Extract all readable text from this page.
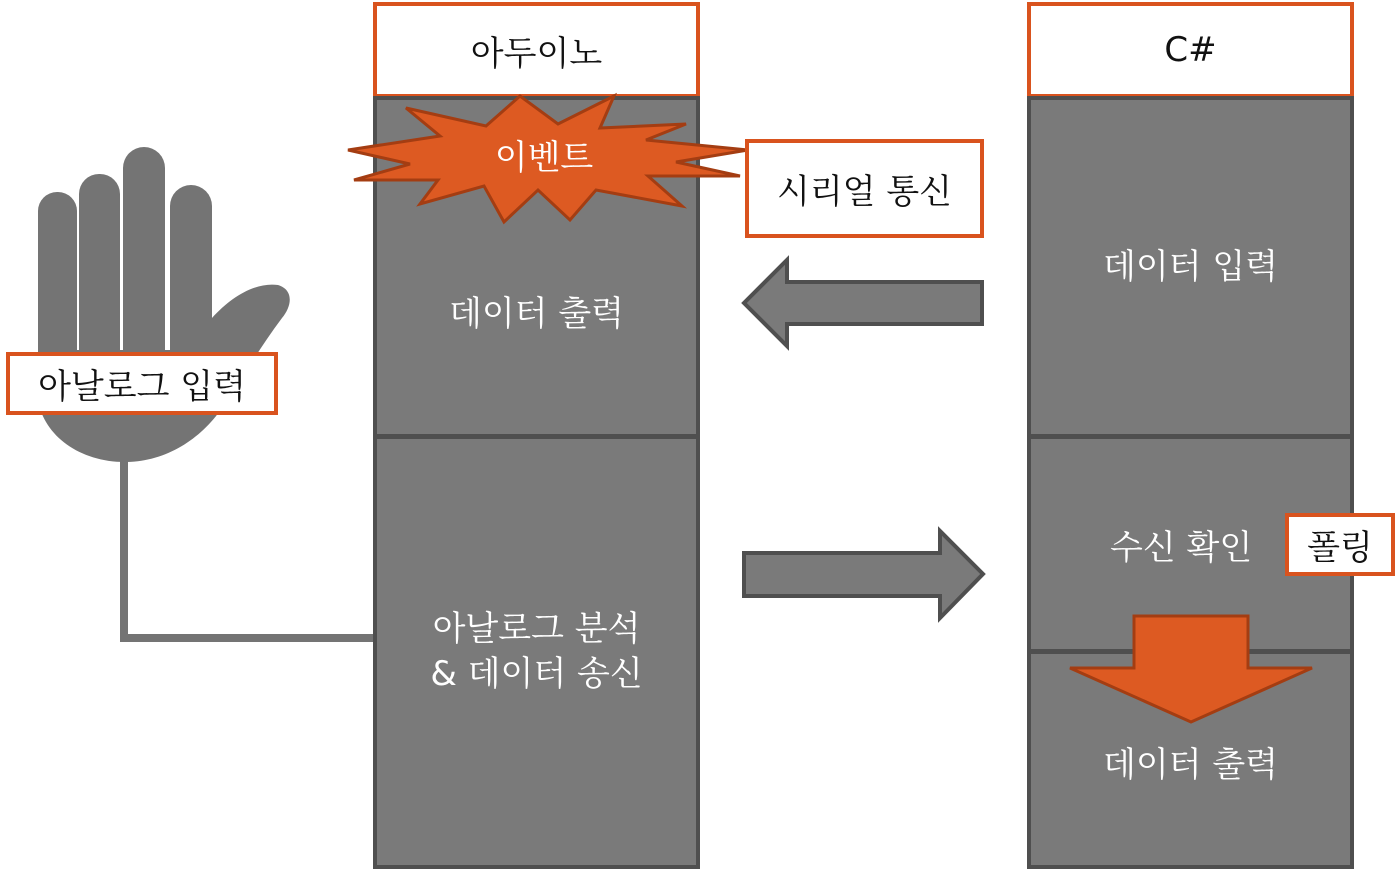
아두이노
데이터 출력
아날로그 분석
& 데이터 송신
이벤트
C#
데이터 입력
수신 확인
데이터 출력
시리얼 통신
아날로그 입력
폴링
